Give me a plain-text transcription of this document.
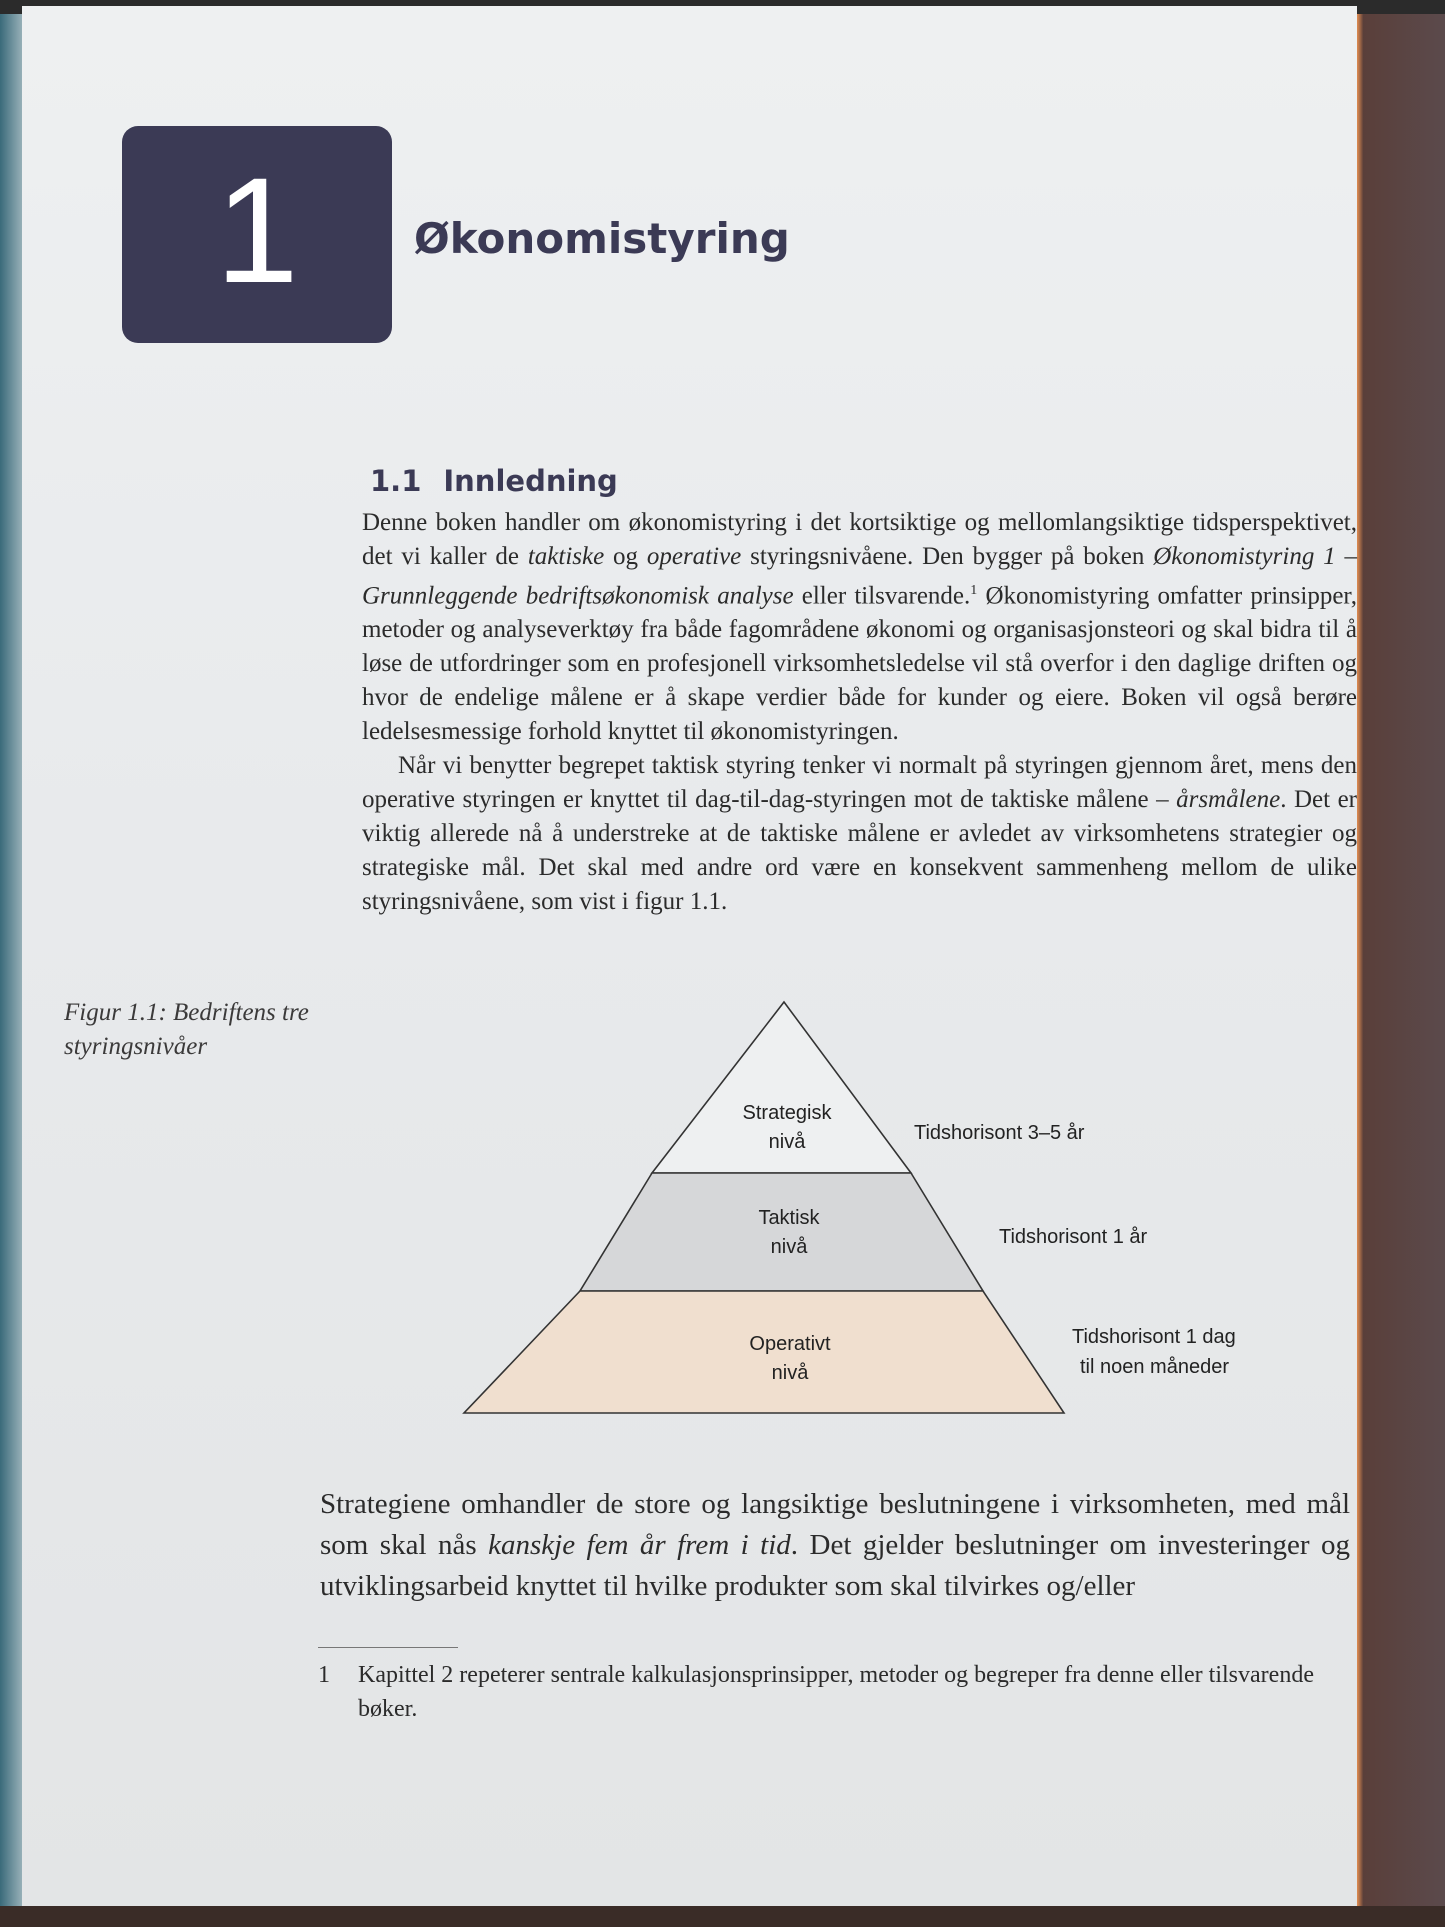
1	Økonomistyring
1.1 Innledning

Denne boken handler om økonomistyring i det kortsiktige og mellomlangsiktige tidsperspektivet, det vi kaller de taktiske og operative styringsnivåene. Den bygger på boken Økonomistyring 1 – Grunnleggende bedriftsøkonomisk analyse eller tilsvarende.$^1$ Økonomistyring omfatter prinsipper, metoder og analyseverktøy fra både fagområdene økonomi og organisasjonsteori og skal bidra til å løse de utfordringer som en profesjonell virksomhetsledelse vil stå overfor i den daglige driften og hvor de endelige målene er å skape verdier både for kunder og eiere. Boken vil også berøre ledelsesmessige forhold knyttet til økonomistyringen.

Når vi benytter begrepet taktisk styring tenker vi normalt på styringen gjennom året, mens den operative styringen er knyttet til dag-til-dag-styringen mot de taktiske målene – årsmålene. Det er viktig allerede nå å understreke at de taktiske målene er avledet av virksomhetens strategier og strategiske mål. Det skal med andre ord være en konsekvent sammenheng mellom de ulike styringsnivåene, som vist i figur 1.1.

Figur 1.1: Bedriftens tre styringsnivåer
Strategisk
nivå
Taktisk
nivå
Operativt
nivå
Tidshorisont 3–5 år
Tidshorisont 1 år
Tidshorisont 1 dag
til noen måneder
Strategiene omhandler de store og langsiktige beslutningene i virksomheten, med mål som skal nås kanskje fem år frem i tid. Det gjelder beslutninger om investeringer og utviklingsarbeid knyttet til hvilke produkter som skal tilvirkes og/eller
1 Kapittel 2 repeterer sentrale kalkulasjonsprinsipper, metoder og begreper fra denne eller tilsvarende bøker.
